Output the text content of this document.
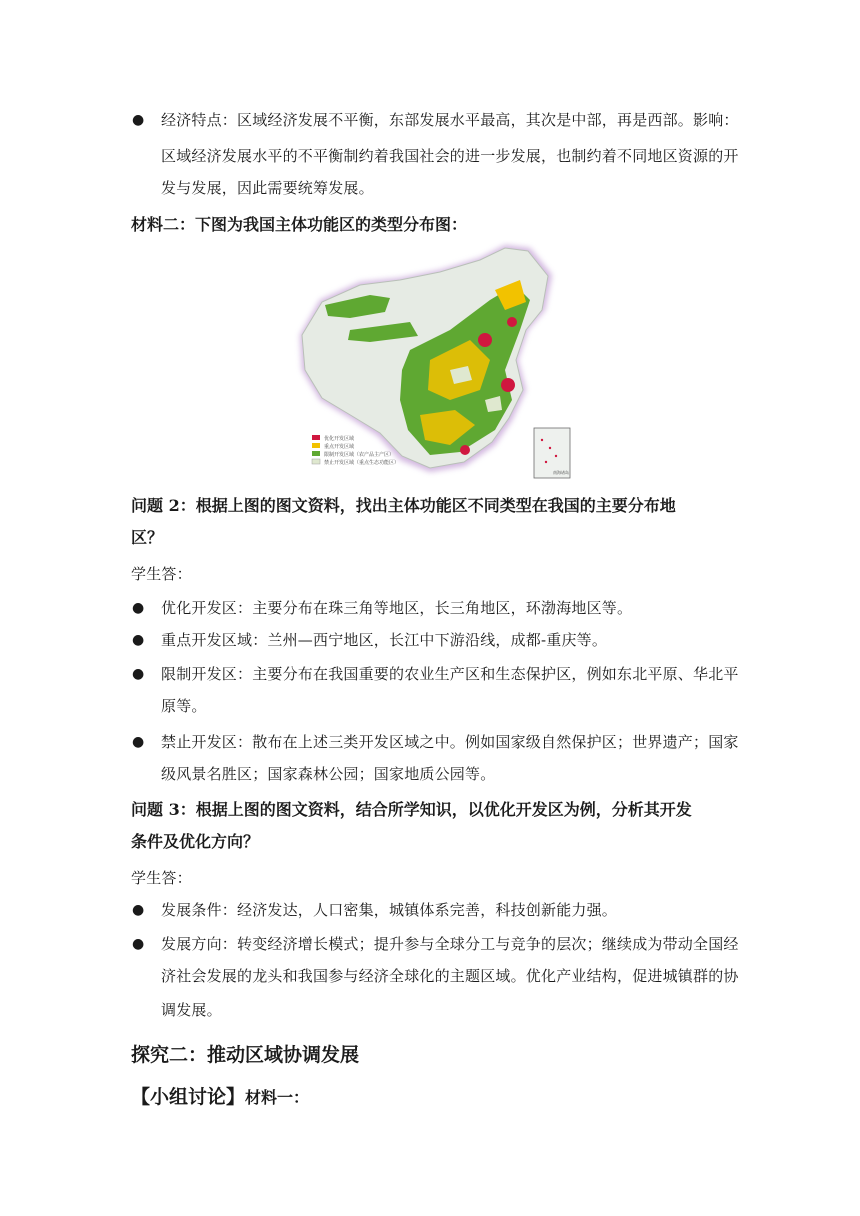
● 经济特点：区域经济发展不平衡，东部发展水平最高，其次是中部，再是西部。影响：
区域经济发展水平的不平衡制约着我国社会的进一步发展，也制约着不同地区资源的开
发与发展，因此需要统筹发展。
材料二：下图为我国主体功能区的类型分布图：
优化开发区域
重点开发区域
限制开发区域（农产品主产区）
禁止开发区域（重点生态功能区）
南海诸岛
问题 2：根据上图的图文资料，找出主体功能区不同类型在我国的主要分布地
区？
学生答：
● 优化开发区：主要分布在珠三角等地区，长三角地区，环渤海地区等。
● 重点开发区域：兰州—西宁地区，长江中下游沿线，成都-重庆等。
● 限制开发区：主要分布在我国重要的农业生产区和生态保护区，例如东北平原、华北平
原等。
● 禁止开发区：散布在上述三类开发区域之中。例如国家级自然保护区；世界遗产；国家
级风景名胜区；国家森林公园；国家地质公园等。
问题 3：根据上图的图文资料，结合所学知识，以优化开发区为例，分析其开发
条件及优化方向？
学生答：
● 发展条件：经济发达，人口密集，城镇体系完善，科技创新能力强。
● 发展方向：转变经济增长模式；提升参与全球分工与竞争的层次；继续成为带动全国经
济社会发展的龙头和我国参与经济全球化的主题区域。优化产业结构，促进城镇群的协
调发展。
探究二：推动区域协调发展
【小组讨论】材料一：
